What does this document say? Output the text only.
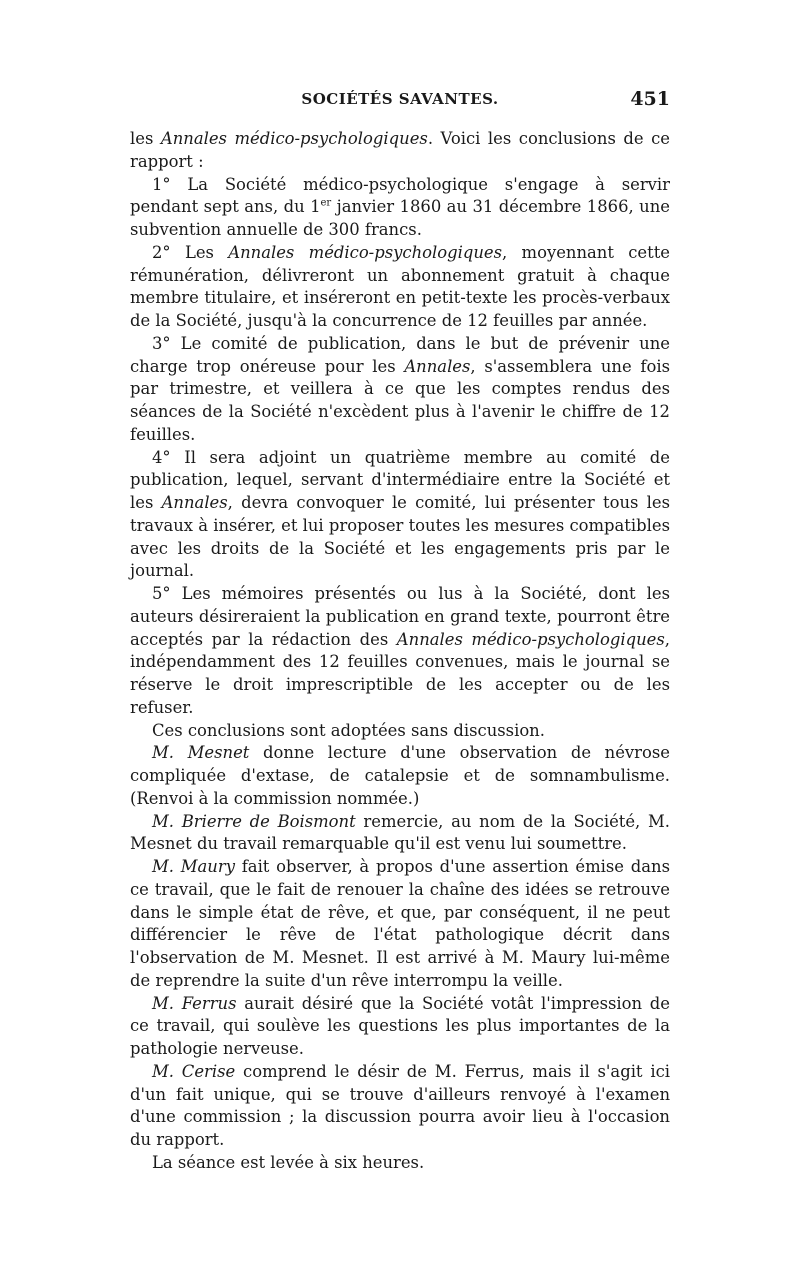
SOCIÉTÉS SAVANTES.	451

les Annales médico-psychologiques. Voici les conclusions de ce rapport :

1° La Société médico-psychologique s'engage à servir pendant sept ans, du 1er janvier 1860 au 31 décembre 1866, une subvention annuelle de 300 francs.

2° Les Annales médico-psychologiques, moyennant cette rémunération, délivreront un abonnement gratuit à chaque membre titulaire, et inséreront en petit-texte les procès-verbaux de la Société, jusqu'à la concurrence de 12 feuilles par année.

3° Le comité de publication, dans le but de prévenir une charge trop onéreuse pour les Annales, s'assemblera une fois par trimestre, et veillera à ce que les comptes rendus des séances de la Société n'excèdent plus à l'avenir le chiffre de 12 feuilles.

4° Il sera adjoint un quatrième membre au comité de publication, lequel, servant d'intermédiaire entre la Société et les Annales, devra convoquer le comité, lui présenter tous les travaux à insérer, et lui proposer toutes les mesures compatibles avec les droits de la Société et les engagements pris par le journal.

5° Les mémoires présentés ou lus à la Société, dont les auteurs désireraient la publication en grand texte, pourront être acceptés par la rédaction des Annales médico-psychologiques, indépendamment des 12 feuilles convenues, mais le journal se réserve le droit imprescriptible de les accepter ou de les refuser.

Ces conclusions sont adoptées sans discussion.

M. Mesnet donne lecture d'une observation de névrose compliquée d'extase, de catalepsie et de somnambulisme. (Renvoi à la commission nommée.)

M. Brierre de Boismont remercie, au nom de la Société, M. Mesnet du travail remarquable qu'il est venu lui soumettre.

M. Maury fait observer, à propos d'une assertion émise dans ce travail, que le fait de renouer la chaîne des idées se retrouve dans le simple état de rêve, et que, par conséquent, il ne peut différencier le rêve de l'état pathologique décrit dans l'observation de M. Mesnet. Il est arrivé à M. Maury lui-même de reprendre la suite d'un rêve interrompu la veille.

M. Ferrus aurait désiré que la Société votât l'impression de ce travail, qui soulève les questions les plus importantes de la pathologie nerveuse.

M. Cerise comprend le désir de M. Ferrus, mais il s'agit ici d'un fait unique, qui se trouve d'ailleurs renvoyé à l'examen d'une commission ; la discussion pourra avoir lieu à l'occasion du rapport.

La séance est levée à six heures.
